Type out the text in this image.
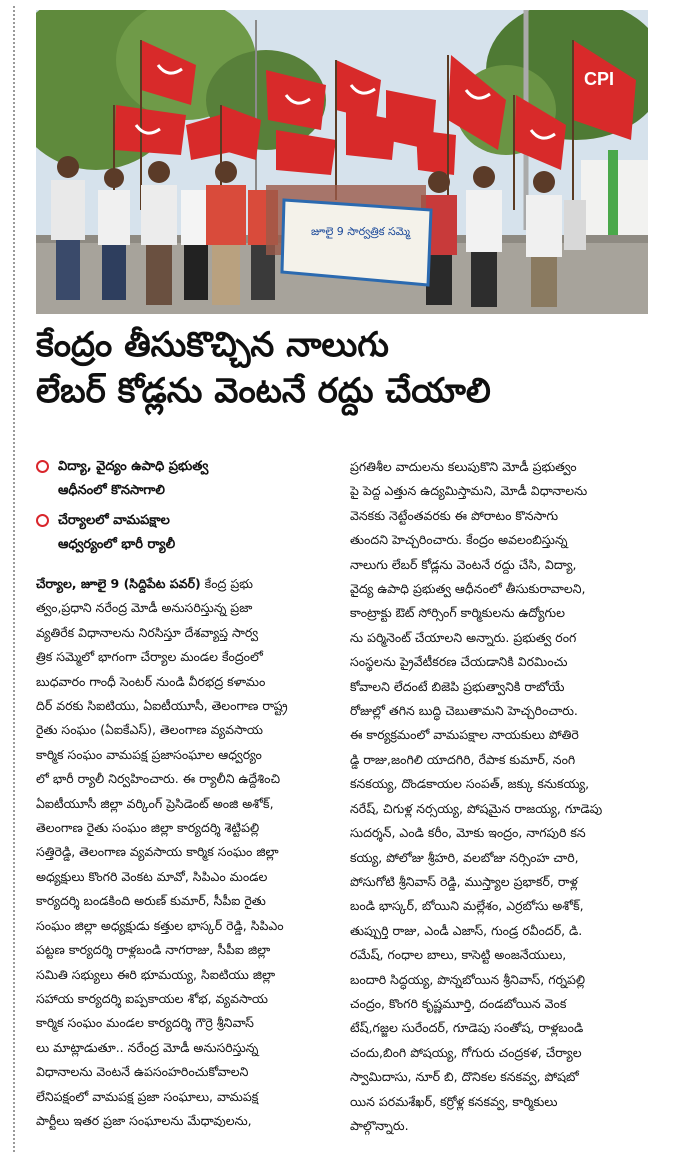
CPI
జూలై 9 సార్వత్రిక సమ్మె
కేంద్రం తీసుకొచ్చిన నాలుగు
లేబర్ కోడ్లను వెంటనే రద్దు చేయాలి
విద్యా, వైద్యం ఉపాధి ప్రభుత్వ
ఆధీనంలో కొనసాగాలి
చేర్యాలలో వామపక్షాల
ఆధ్వర్యంలో భారీ ర్యాలీ
చేర్యాల, జూలై 9 (సిద్దిపేట పవర్) కేంద్ర ప్రభు
త్వం,ప్రధాని నరేంద్ర మోడీ అనుసరిస్తున్న ప్రజా
వ్యతిరేక విధానాలను నిరసిస్తూ దేశవ్యాప్త సార్వ
త్రిక సమ్మెలో భాగంగా చేర్యాల మండల కేంద్రంలో
బుధవారం గాంధీ సెంటర్ నుండి వీరభద్ర కళామం
దిర్ వరకు సిఐటియు, ఏఐటీయూసీ, తెలంగాణ రాష్ట్ర
రైతు సంఘం (ఏఐకేఎస్), తెలంగాణ వ్యవసాయ
కార్మిక సంఘం వామపక్ష ప్రజాసంఘాల ఆధ్వర్యం
లో భారీ ర్యాలీ నిర్వహించారు. ఈ ర్యాలీని ఉద్దేశించి
ఏఐటీయూసీ జిల్లా వర్కింగ్ ప్రెసిడెంట్ అంజి అశోక్,
తెలంగాణ రైతు సంఘం జిల్లా కార్యదర్శి శెట్టిపల్లి
సత్తిరెడ్డి, తెలంగాణ వ్యవసాయ కార్మిక సంఘం జిల్లా
అధ్యక్షులు కొంగరి వెంకట మావో, సిపిఎం మండల
కార్యదర్శి బండకింది అరుణ్ కుమార్, సీపీఐ రైతు
సంఘం జిల్లా అధ్యక్షుడు కత్తుల భాస్కర్ రెడ్డి, సిపిఎం
పట్టణ కార్యదర్శి రాళ్లబండి నాగరాజు, సీపీఐ జిల్లా
సమితి సభ్యులు ఈరి భూమయ్య, సిఐటియు జిల్లా
సహాయ కార్యదర్శి ఐప్పకాయల శోభ, వ్యవసాయ
కార్మిక సంఘం మండల కార్యదర్శి గౌర్రె శ్రీనివాస్
లు మాట్లాడుతూ.. నరేంద్ర మోడీ అనుసరిస్తున్న
విధానాలను వెంటనే ఉపసంహరించుకోవాలని
లేనిపక్షంలో వామపక్ష ప్రజా సంఘాలు, వామపక్ష
పార్టీలు ఇతర ప్రజా సంఘాలను మేధావులను,
ప్రగతిశీల వాదులను కలుపుకొని మోడీ ప్రభుత్వం
పై పెద్ద ఎత్తున ఉద్యమిస్తామని, మోడీ విధానాలను
వెనకకు నెట్టేంతవరకు ఈ పోరాటం కొనసాగు
తుందని హెచ్చరించారు. కేంద్రం అవలంబిస్తున్న
నాలుగు లేబర్ కోడ్లను వెంటనే రద్దు చేసి, విద్యా,
వైద్య ఉపాధి ప్రభుత్వ ఆధీనంలో తీసుకురావాలని,
కాంట్రాక్టు ఔట్ సోర్సింగ్ కార్మికులను ఉద్యోగుల
ను పర్మినెంట్ చేయాలని అన్నారు. ప్రభుత్వ రంగ
సంస్థలను ప్రైవేటీకరణ చేయడానికి విరమించు
కోవాలని లేదంటే బిజెపి ప్రభుత్వానికి రాబోయే
రోజుల్లో తగిన బుద్ధి చెబుతామని హెచ్చరించారు.
ఈ కార్యక్రమంలో వామపక్షాల నాయకులు పోతిరె
డ్డి రాజు,జంగిలి యాదగిరి, రేపాక కుమార్, నంగి
కనకయ్య, దొండకాయల సంపత్, జక్కు కనుకయ్య,
నరేష్, చిగుళ్ల నర్సయ్య, పోషమైన రాజయ్య, గూడెపు
సుదర్శన్, ఎండి కరీం, మోకు ఇంద్రం, నాగపురి కన
కయ్య, పోలోజు శ్రీహరి, వలబోజు నర్సింహ చారి,
పోసుగోటి శ్రీనివాస్ రెడ్డి, ముస్త్యాల ప్రభాకర్, రాళ్ల
బండి భాస్కర్, బోయిని మల్లేశం, ఎర్రబోసు అశోక్,
తుప్పుర్తి రాజు, ఎండీ ఎజాస్, గుండ్ర రవీందర్, డి.
రమేష్, గంధాల బాలు, కాసెట్టి అంజనేయులు,
బందారి సిద్ధయ్య, పొన్నబోయిన శ్రీనివాస్, గర్నపల్లి
చంద్రం, కొంగరి కృష్ణమూర్తి, దండబోయిన వెంక
టేష్,గజ్జల సురేందర్, గూడెపు సంతోష, రాళ్లబండి
చందు,బింగి పోషయ్య, గోగురు చంద్రకళ, చేర్యాల
స్వామిదాసు, నూర్ బి, దొనికల కనకవ్వ, పోషబో
యిన పరమశేఖర్, కర్రోళ్ల కనకవ్వ, కార్మికులు
పాల్గొన్నారు.
